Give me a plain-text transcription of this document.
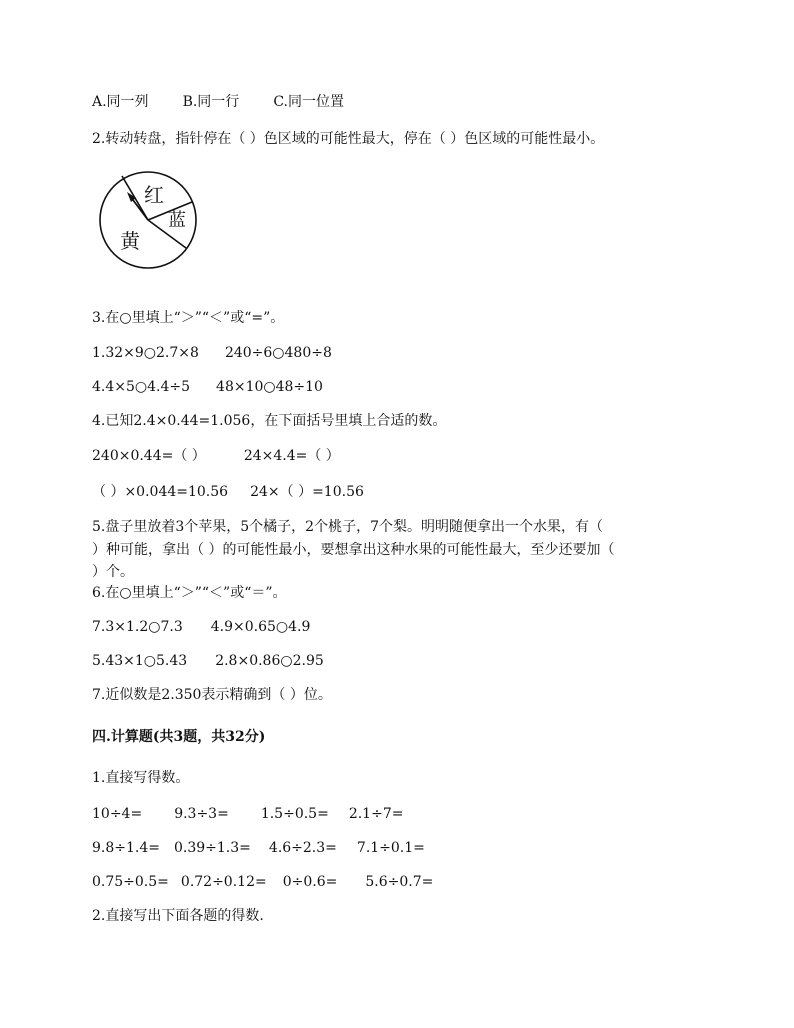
A.同一列 B.同一行 C.同一位置
2.转动转盘，指针停在（ ）色区域的可能性最大，停在（ ）色区域的可能性最小。
红
蓝
黄
3.在○里填上“＞”“＜”或“=”。
1.32×9○2.7×8 240÷6○480÷8
4.4×5○4.4÷5 48×10○48÷10
4.已知2.4×0.44=1.056，在下面括号里填上合适的数。
240×0.44=（ ）	24×4.4=（ ）
（ ）×0.044=10.56 24×（ ）=10.56
5.盘子里放着3个苹果，5个橘子，2个桃子，7个梨。明明随便拿出一个水果，有（
）种可能，拿出（ ）的可能性最小，要想拿出这种水果的可能性最大，至少还要加（
）个。
6.在○里填上“＞”“＜”或“＝”。
7.3×1.2○7.3 4.9×0.65○4.9
5.43×1○5.43 2.8×0.86○2.95
7.近似数是2.350表示精确到（ ）位。
四.计算题(共3题，共32分)
1.直接写得数。
10÷4= 9.3÷3= 1.5÷0.5= 2.1÷7=
9.8÷1.4= 0.39÷1.3= 4.6÷2.3= 7.1÷0.1=
0.75÷0.5= 0.72÷0.12= 0÷0.6= 5.6÷0.7=
2.直接写出下面各题的得数.
